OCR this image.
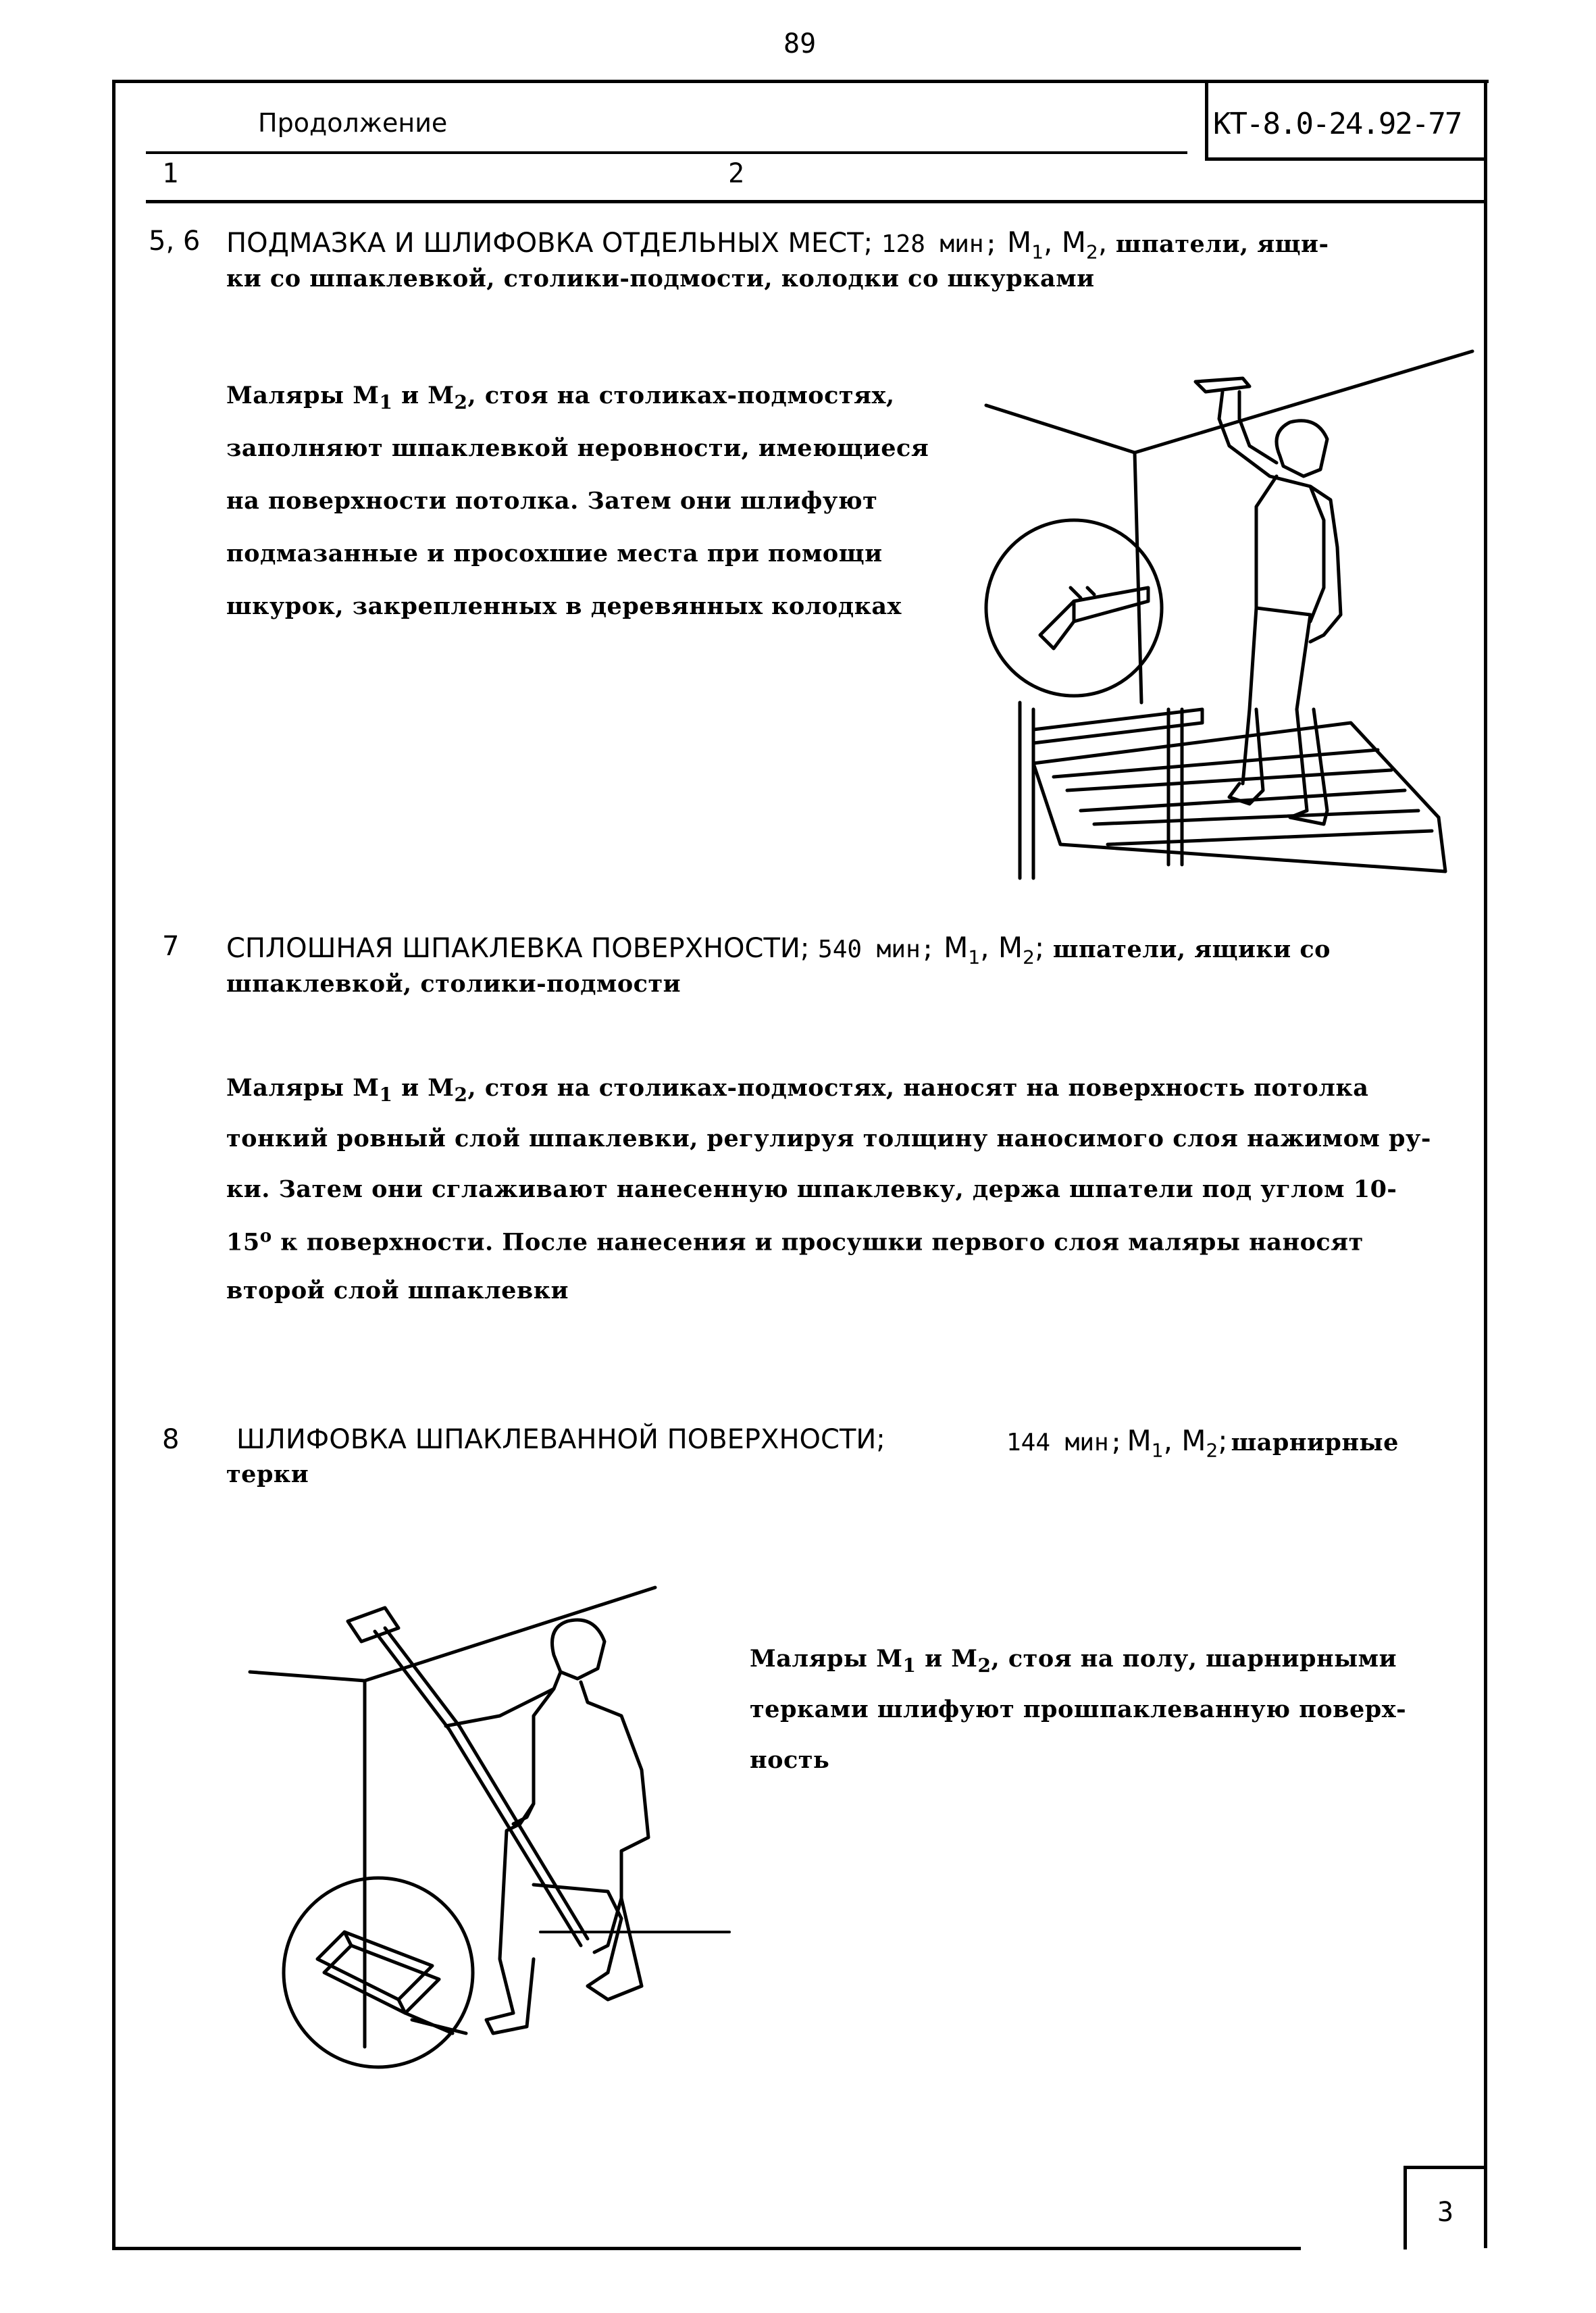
89
Продолжение	КТ-8.0-24.92-77
1	2
5, 6 ПОДМАЗКА И ШЛИФОВКА ОТДЕЛЬНЫХ МЕСТ; 128 мин; $М_1$, $М_2$, шпатели, ящи-
ки со шпаклевкой, столики-подмости, колодки со шкурками
Маляры $М_1$ и $М_2$, стоя на столиках-подмостях,
заполняют шпаклевкой неровности, имеющиеся
на поверхности потолка. Затем они шлифуют
подмазанные и просохшие места при помощи
шкурок, закрепленных в деревянных колодках
7 СПЛОШНАЯ ШПАКЛЕВКА ПОВЕРХНОСТИ; 540 мин; $М_1$, $М_2$; шпатели, ящики со
шпаклевкой, столики-подмости
Маляры $М_1$ и $М_2$, стоя на столиках-подмостях, наносят на поверхность потолка
тонкий ровный слой шпаклевки, регулируя толщину наносимого слоя нажимом ру-
ки. Затем они сглаживают нанесенную шпаклевку, держа шпатели под углом 10-
$15^о$ к поверхности. После нанесения и просушки первого слоя маляры наносят
второй слой шпаклевки
8 ШЛИФОВКА ШПАКЛЕВАННОЙ ПОВЕРХНОСТИ;	144 мин; $М_1$, $М_2$; шарнирные
терки
Маляры $М_1$ и $М_2$, стоя на полу, шарнирными
терками шлифуют прошпаклеванную поверх-
ность
3
